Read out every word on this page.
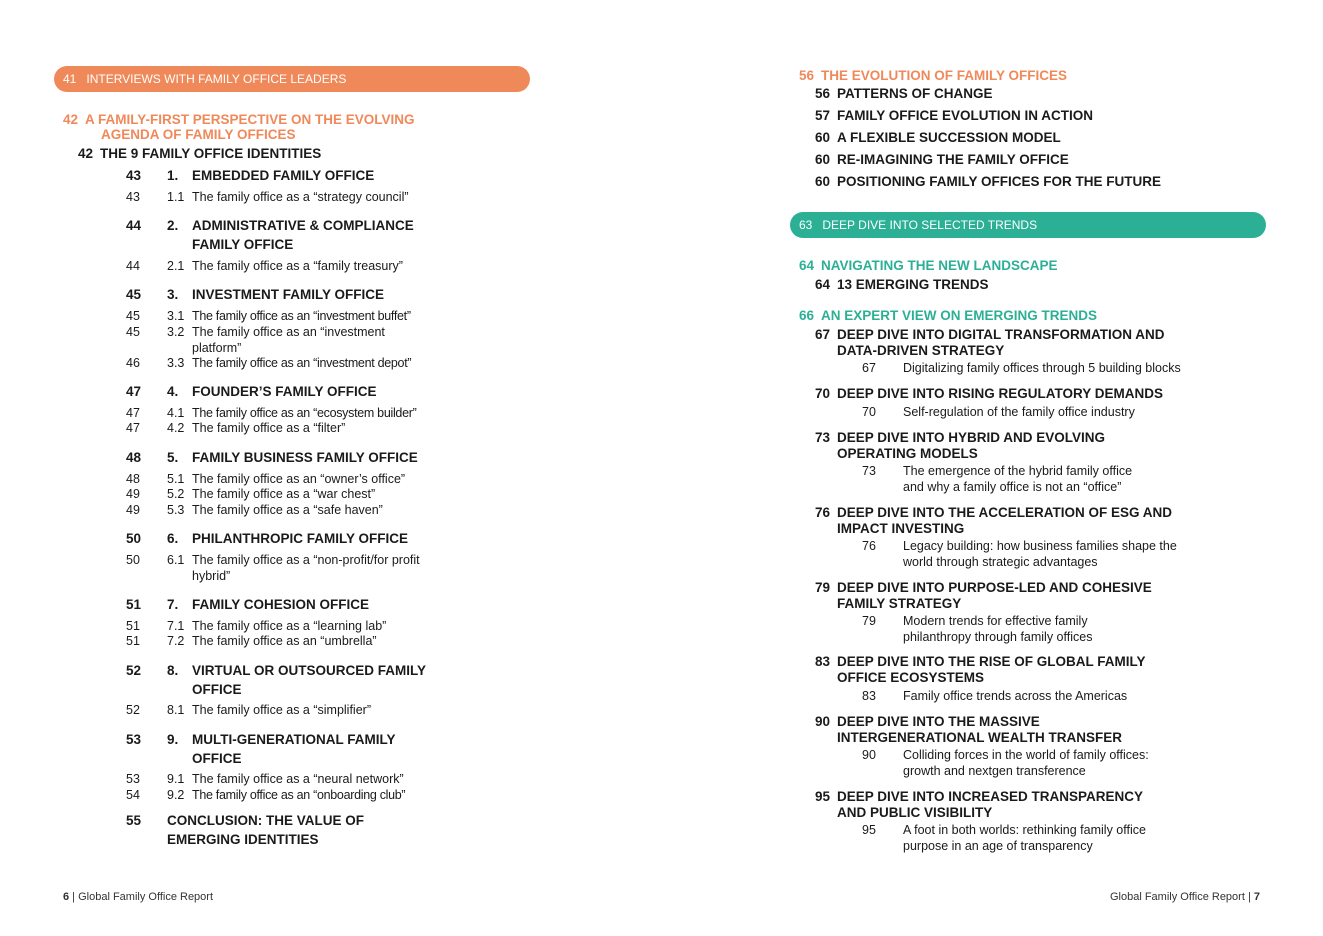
41 INTERVIEWS WITH FAMILY OFFICE LEADERS
42 A FAMILY-FIRST PERSPECTIVE ON THE EVOLVING
AGENDA OF FAMILY OFFICES
42 THE 9 FAMILY OFFICE IDENTITIES
43	1. EMBEDDED FAMILY OFFICE
43 1.1 The family office as a “strategy council”
44	2. ADMINISTRATIVE & COMPLIANCE FAMILY OFFICE
44 2.1 The family office as a “family treasury”
45	3. INVESTMENT FAMILY OFFICE
45 3.1 The family office as an “investment buffet”
45 3.2 The family office as an “investment platform”
46 3.3 The family office as an “investment depot”
47	4. FOUNDER’S FAMILY OFFICE
47 4.1 The family office as an “ecosystem builder”
47 4.2 The family office as a “filter”
48	5. FAMILY BUSINESS FAMILY OFFICE
48 5.1 The family office as an “owner’s office”
49 5.2 The family office as a “war chest”
49 5.3 The family office as a “safe haven”
50	6. PHILANTHROPIC FAMILY OFFICE
50 6.1 The family office as a “non-profit/for profit hybrid”
51	7. FAMILY COHESION OFFICE
51 7.1 The family office as a “learning lab”
51 7.2 The family office as an “umbrella”
52	8. VIRTUAL OR OUTSOURCED FAMILY OFFICE
52 8.1 The family office as a “simplifier”
53	9. MULTI-GENERATIONAL FAMILY OFFICE
53 9.1 The family office as a “neural network”
54 9.2 The family office as an “onboarding club”
55	CONCLUSION: THE VALUE OF EMERGING IDENTITIES
6 | Global Family Office Report
56 THE EVOLUTION OF FAMILY OFFICES
56 PATTERNS OF CHANGE
57 FAMILY OFFICE EVOLUTION IN ACTION
60 A FLEXIBLE SUCCESSION MODEL
60 RE-IMAGINING THE FAMILY OFFICE
60 POSITIONING FAMILY OFFICES FOR THE FUTURE
63 DEEP DIVE INTO SELECTED TRENDS
64 NAVIGATING THE NEW LANDSCAPE
64 13 EMERGING TRENDS
66 AN EXPERT VIEW ON EMERGING TRENDS
67 DEEP DIVE INTO DIGITAL TRANSFORMATION AND DATA-DRIVEN STRATEGY
67 Digitalizing family offices through 5 building blocks
70 DEEP DIVE INTO RISING REGULATORY DEMANDS
70 Self-regulation of the family office industry
73 DEEP DIVE INTO HYBRID AND EVOLVING OPERATING MODELS
73 The emergence of the hybrid family office and why a family office is not an “office”
76 DEEP DIVE INTO THE ACCELERATION OF ESG AND IMPACT INVESTING
76 Legacy building: how business families shape the world through strategic advantages
79 DEEP DIVE INTO PURPOSE-LED AND COHESIVE FAMILY STRATEGY
79 Modern trends for effective family philanthropy through family offices
83 DEEP DIVE INTO THE RISE OF GLOBAL FAMILY OFFICE ECOSYSTEMS
83 Family office trends across the Americas
90 DEEP DIVE INTO THE MASSIVE INTERGENERATIONAL WEALTH TRANSFER
90 Colliding forces in the world of family offices: growth and nextgen transference
95 DEEP DIVE INTO INCREASED TRANSPARENCY AND PUBLIC VISIBILITY
95 A foot in both worlds: rethinking family office purpose in an age of transparency
Global Family Office Report | 7
